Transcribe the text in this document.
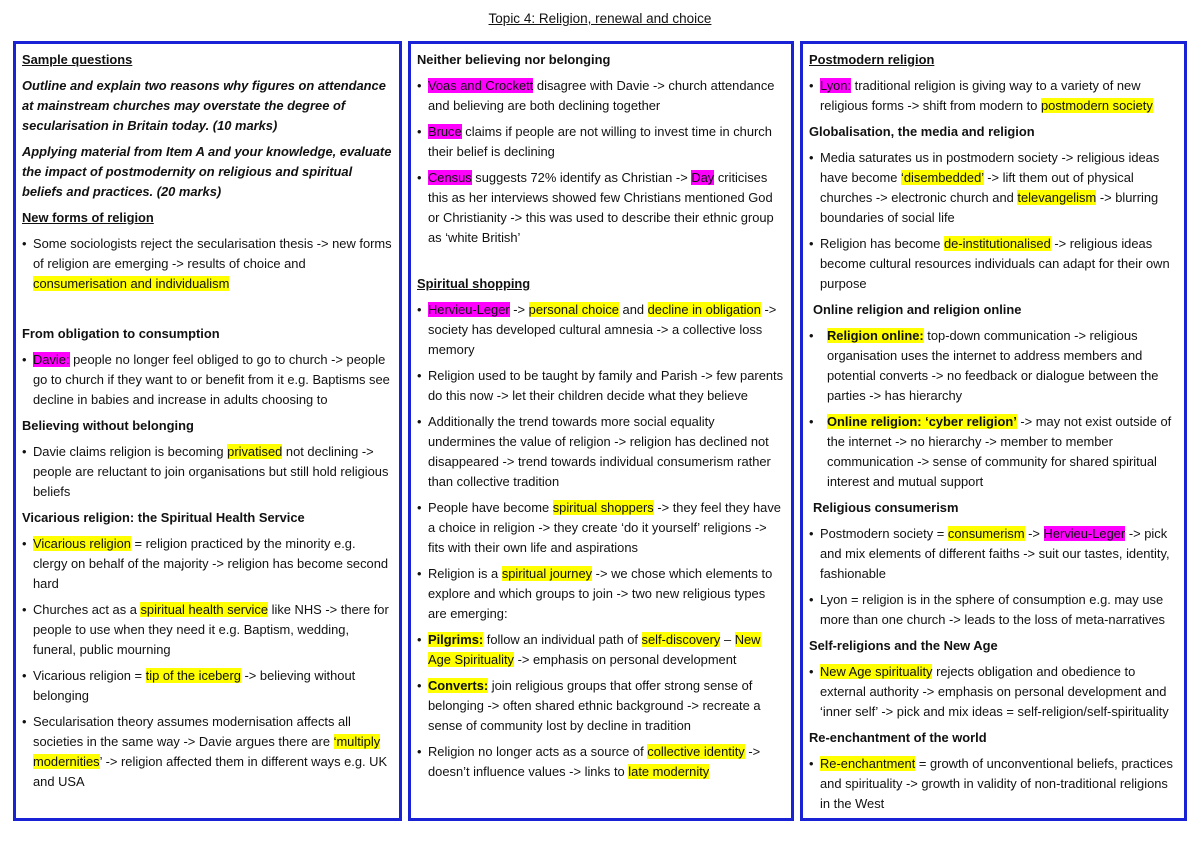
Topic 4: Religion, renewal and choice

Sample questions

Outline and explain two reasons why figures on attendance at mainstream churches may overstate the degree of secularisation in Britain today. (10 marks)

Applying material from Item A and your knowledge, evaluate the impact of postmodernity on religious and spiritual beliefs and practices. (20 marks)

New forms of religion

• Some sociologists reject the secularisation thesis -> new forms of religion are emerging -> results of choice and consumerisation and individualism

From obligation to consumption

• Davie: people no longer feel obliged to go to church -> people go to church if they want to or benefit from it e.g. Baptisms see decline in babies and increase in adults choosing to

Believing without belonging

• Davie claims religion is becoming privatised not declining -> people are reluctant to join organisations but still hold religious beliefs

Vicarious religion: the Spiritual Health Service

• Vicarious religion = religion practiced by the minority e.g. clergy on behalf of the majority -> religion has become second hard

• Churches act as a spiritual health service like NHS -> there for people to use when they need it e.g. Baptism, wedding, funeral, public mourning

• Vicarious religion = tip of the iceberg -> believing without belonging

• Secularisation theory assumes modernisation affects all societies in the same way -> Davie argues there are ‘multiply modernities’ -> religion affected them in different ways e.g. UK and USA

Neither believing nor belonging

• Voas and Crockett disagree with Davie -> church attendance and believing are both declining together

• Bruce claims if people are not willing to invest time in church their belief is declining

• Census suggests 72% identify as Christian -> Day criticises this as her interviews showed few Christians mentioned God or Christianity -> this was used to describe their ethnic group as ‘white British’

Spiritual shopping

• Hervieu-Leger -> personal choice and decline in obligation -> society has developed cultural amnesia -> a collective loss memory

• Religion used to be taught by family and Parish -> few parents do this now -> let their children decide what they believe

• Additionally the trend towards more social equality undermines the value of religion -> religion has declined not disappeared -> trend towards individual consumerism rather than collective tradition

• People have become spiritual shoppers -> they feel they have a choice in religion -> they create ‘do it yourself’ religions -> fits with their own life and aspirations

• Religion is a spiritual journey -> we chose which elements to explore and which groups to join -> two new religious types are emerging:

• Pilgrims: follow an individual path of self-discovery – New Age Spirituality -> emphasis on personal development

• Converts: join religious groups that offer strong sense of belonging -> often shared ethnic background -> recreate a sense of community lost by decline in tradition

• Religion no longer acts as a source of collective identity -> doesn’t influence values -> links to late modernity

Postmodern religion

• Lyon: traditional religion is giving way to a variety of new religious forms -> shift from modern to postmodern society

Globalisation, the media and religion

• Media saturates us in postmodern society -> religious ideas have become ‘disembedded’ -> lift them out of physical churches -> electronic church and televangelism -> blurring boundaries of social life

• Religion has become de-institutionalised -> religious ideas become cultural resources individuals can adapt for their own purpose

Online religion and religion online

• Religion online: top-down communication -> religious organisation uses the internet to address members and potential converts -> no feedback or dialogue between the parties -> has hierarchy

• Online religion: ‘cyber religion’ -> may not exist outside of the internet -> no hierarchy -> member to member communication -> sense of community for shared spiritual interest and mutual support

Religious consumerism

• Postmodern society = consumerism -> Hervieu-Leger -> pick and mix elements of different faiths -> suit our tastes, identity, fashionable

• Lyon = religion is in the sphere of consumption e.g. may use more than one church -> leads to the loss of meta-narratives

Self-religions and the New Age

• New Age spirituality rejects obligation and obedience to external authority -> emphasis on personal development and ‘inner self’ -> pick and mix ideas = self-religion/self-spirituality

Re-enchantment of the world

• Re-enchantment = growth of unconventional beliefs, practices and spirituality -> growth in validity of non-traditional religions in the West
